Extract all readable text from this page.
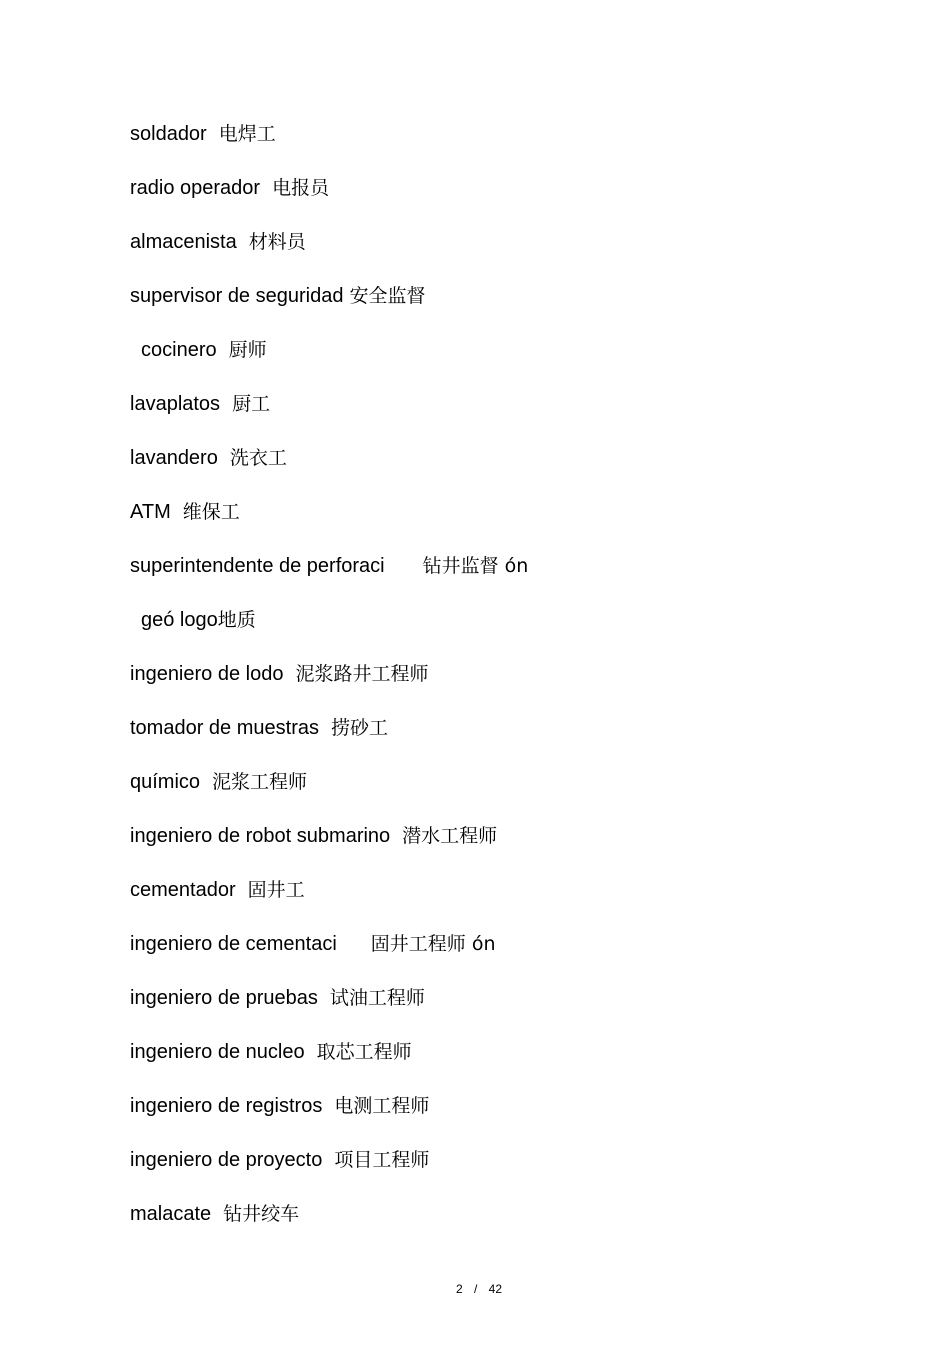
soldador 电焊工
radio operador 电报员
almacenista 材料员
supervisor de seguridad 安全监督
cocinero 厨师
lavaplatos 厨工
lavandero 洗衣工
ATM 维保工
superintendente de perforaci 钻井监督 ón
geó logo地质
ingeniero de lodo 泥浆路井工程师
tomador de muestras 捞砂工
químico 泥浆工程师
ingeniero de robot submarino 潜水工程师
cementador 固井工
ingeniero de cementaci 固井工程师 ón
ingeniero de pruebas 试油工程师
ingeniero de nucleo 取芯工程师
ingeniero de registros 电测工程师
ingeniero de proyecto 项目工程师
malacate 钻井绞车
2 / 42
